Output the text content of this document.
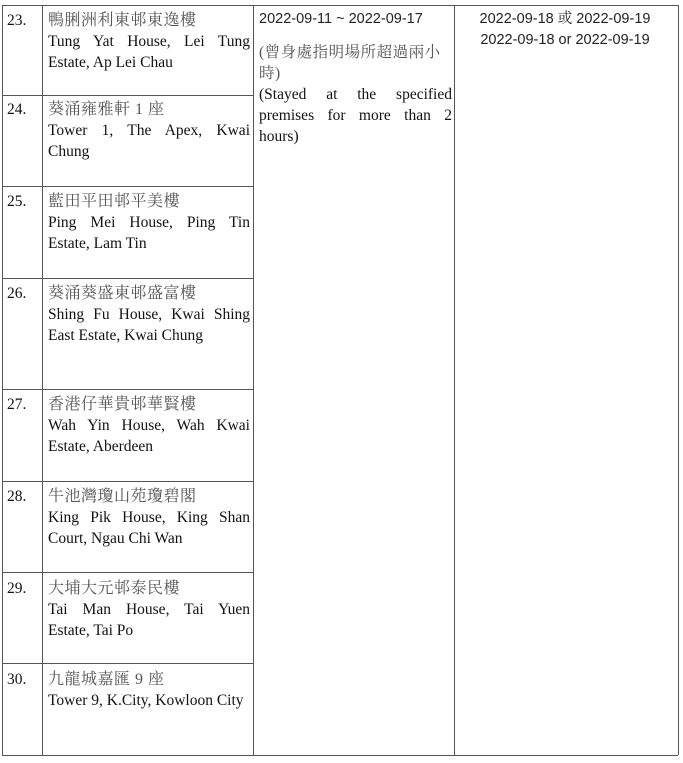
23.	鴨脷洲利東邨東逸樓
Tung Yat House, Lei Tung Estate, Ap Lei Chau
24.	葵涌雍雅軒 1 座
Tower 1, The Apex, Kwai Chung
25.	藍田平田邨平美樓
Ping Mei House, Ping Tin Estate, Lam Tin
26.	葵涌葵盛東邨盛富樓
Shing Fu House, Kwai Shing East Estate, Kwai Chung
27.	香港仔華貴邨華賢樓
Wah Yin House, Wah Kwai Estate, Aberdeen
28.	牛池灣瓊山苑瓊碧閣
King Pik House, King Shan Court, Ngau Chi Wan
29.	大埔大元邨泰民樓
Tai Man House, Tai Yuen Estate, Tai Po
30.	九龍城嘉匯 9 座
Tower 9, K.City, Kowloon City
2022-09-11 ~ 2022-09-17
(曾身處指明場所超過兩小時)
(Stayed at the specified premises for more than 2 hours)
2022-09-18 或 2022-09-19
2022-09-18 or 2022-09-19
